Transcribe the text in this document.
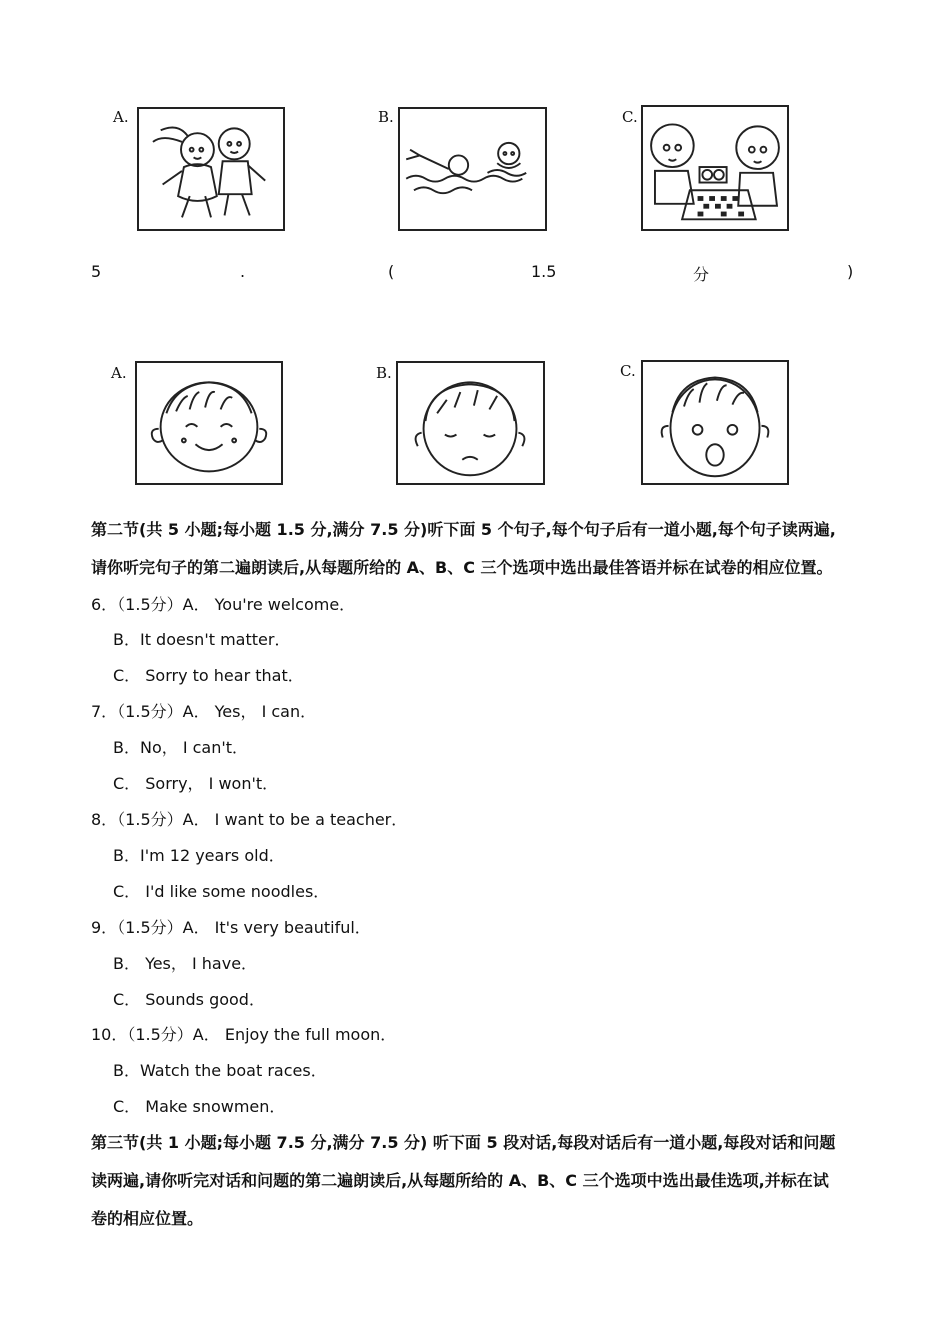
A.	B.	C.
5	.	(	1.5	分	)
A.	B.	C.
第二节(共 5 小题;每小题 1.5 分,满分 7.5 分)听下面 5 个句子,每个句子后有一道小题,每个句子读两遍,
请你听完句子的第二遍朗读后,从每题所给的 A、B、C 三个选项中选出最佳答语并标在试卷的相应位置。
6．（1.5分）A． You're welcome．
B．It doesn't matter．
C． Sorry to hear that．
7．（1.5分）A． Yes， I can．
B．No， I can't．
C． Sorry， I won't．
8．（1.5分）A． I want to be a teacher．
B．I'm 12 years old．
C． I'd like some noodles．
9．（1.5分）A． It's very beautiful．
B． Yes， I have．
C． Sounds good．
10．（1.5分）A． Enjoy the full moon．
B．Watch the boat races．
C． Make snowmen．
第三节(共 1 小题;每小题 7.5 分,满分 7.5 分) 听下面 5 段对话,每段对话后有一道小题,每段对话和问题
读两遍,请你听完对话和问题的第二遍朗读后,从每题所给的 A、B、C 三个选项中选出最佳选项,并标在试
卷的相应位置。
